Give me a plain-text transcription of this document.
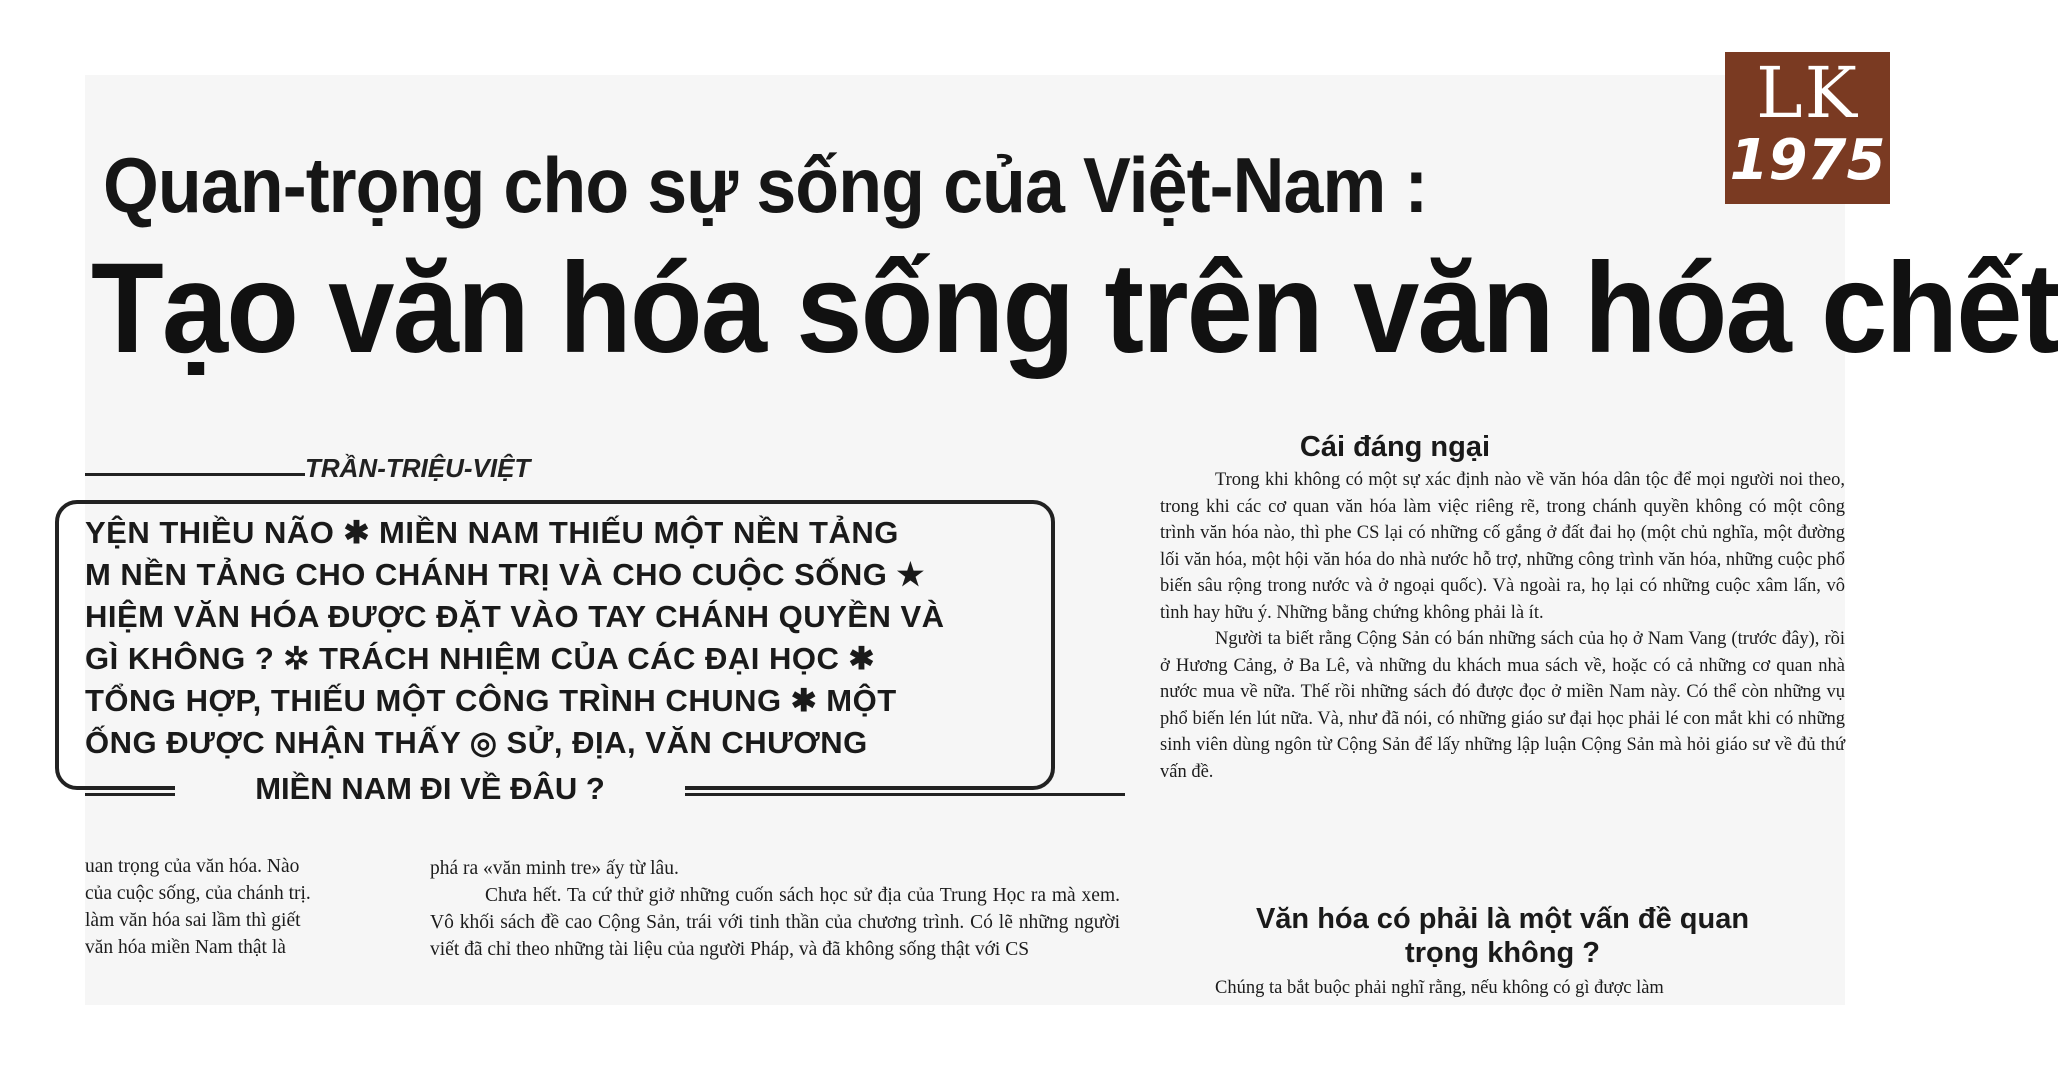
Quan-trọng cho sự sống của Việt-Nam :
Tạo văn hóa sống trên văn hóa chết
TRẦN-TRIỆU-VIỆT
YỆN THIỀU NÃO ✱ MIỀN NAM THIẾU MỘT NỀN TẢNG
M NỀN TẢNG CHO CHÁNH TRỊ VÀ CHO CUỘC SỐNG ★
HIỆM VĂN HÓA ĐƯỢC ĐẶT VÀO TAY CHÁNH QUYỀN VÀ
GÌ KHÔNG ? ✲ TRÁCH NHIỆM CỦA CÁC ĐẠI HỌC ✱
TỔNG HỢP, THIẾU MỘT CÔNG TRÌNH CHUNG ✱ MỘT
ỐNG ĐƯỢC NHẬN THẤY ◎ SỬ, ĐỊA, VĂN CHƯƠNG
MIỀN NAM ĐI VỀ ĐÂU ?

uan trọng của văn hóa. Nào

của cuộc sống, của chánh trị.

làm văn hóa sai lầm thì giết

văn hóa miền Nam thật là

phá ra «văn minh tre» ấy từ lâu.

Chưa hết. Ta cứ thử giở những cuốn sách học sử địa của Trung Học ra mà xem. Vô khối sách đề cao Cộng Sản, trái với tinh thần của chương trình. Có lẽ những người viết đã chỉ theo những tài liệu của người Pháp, và đã không sống thật với CS

Cái đáng ngại

Trong khi không có một sự xác định nào về văn hóa dân tộc để mọi người noi theo, trong khi các cơ quan văn hóa làm việc riêng rẽ, trong chánh quyền không có một công trình văn hóa nào, thì phe CS lại có những cố gắng ở đất đai họ (một chủ nghĩa, một đường lối văn hóa, một hội văn hóa do nhà nước hỗ trợ, những công trình văn hóa, những cuộc phổ biến sâu rộng trong nước và ở ngoại quốc). Và ngoài ra, họ lại có những cuộc xâm lấn, vô tình hay hữu ý. Những bằng chứng không phải là ít.

Người ta biết rằng Cộng Sản có bán những sách của họ ở Nam Vang (trước đây), rồi ở Hương Cảng, ở Ba Lê, và những du khách mua sách về, hoặc có cả những cơ quan nhà nước mua về nữa. Thế rồi những sách đó được đọc ở miền Nam này. Có thể còn những vụ phổ biến lén lút nữa. Và, như đã nói, có những giáo sư đại học phải lé con mắt khi có những sinh viên dùng ngôn từ Cộng Sản để lấy những lập luận Cộng Sản mà hỏi giáo sư về đủ thứ vấn đề.

Văn hóa có phải là một vấn đề quan
trọng không ?

Chúng ta bắt buộc phải nghĩ rằng, nếu không có gì được làm

LK
1975
